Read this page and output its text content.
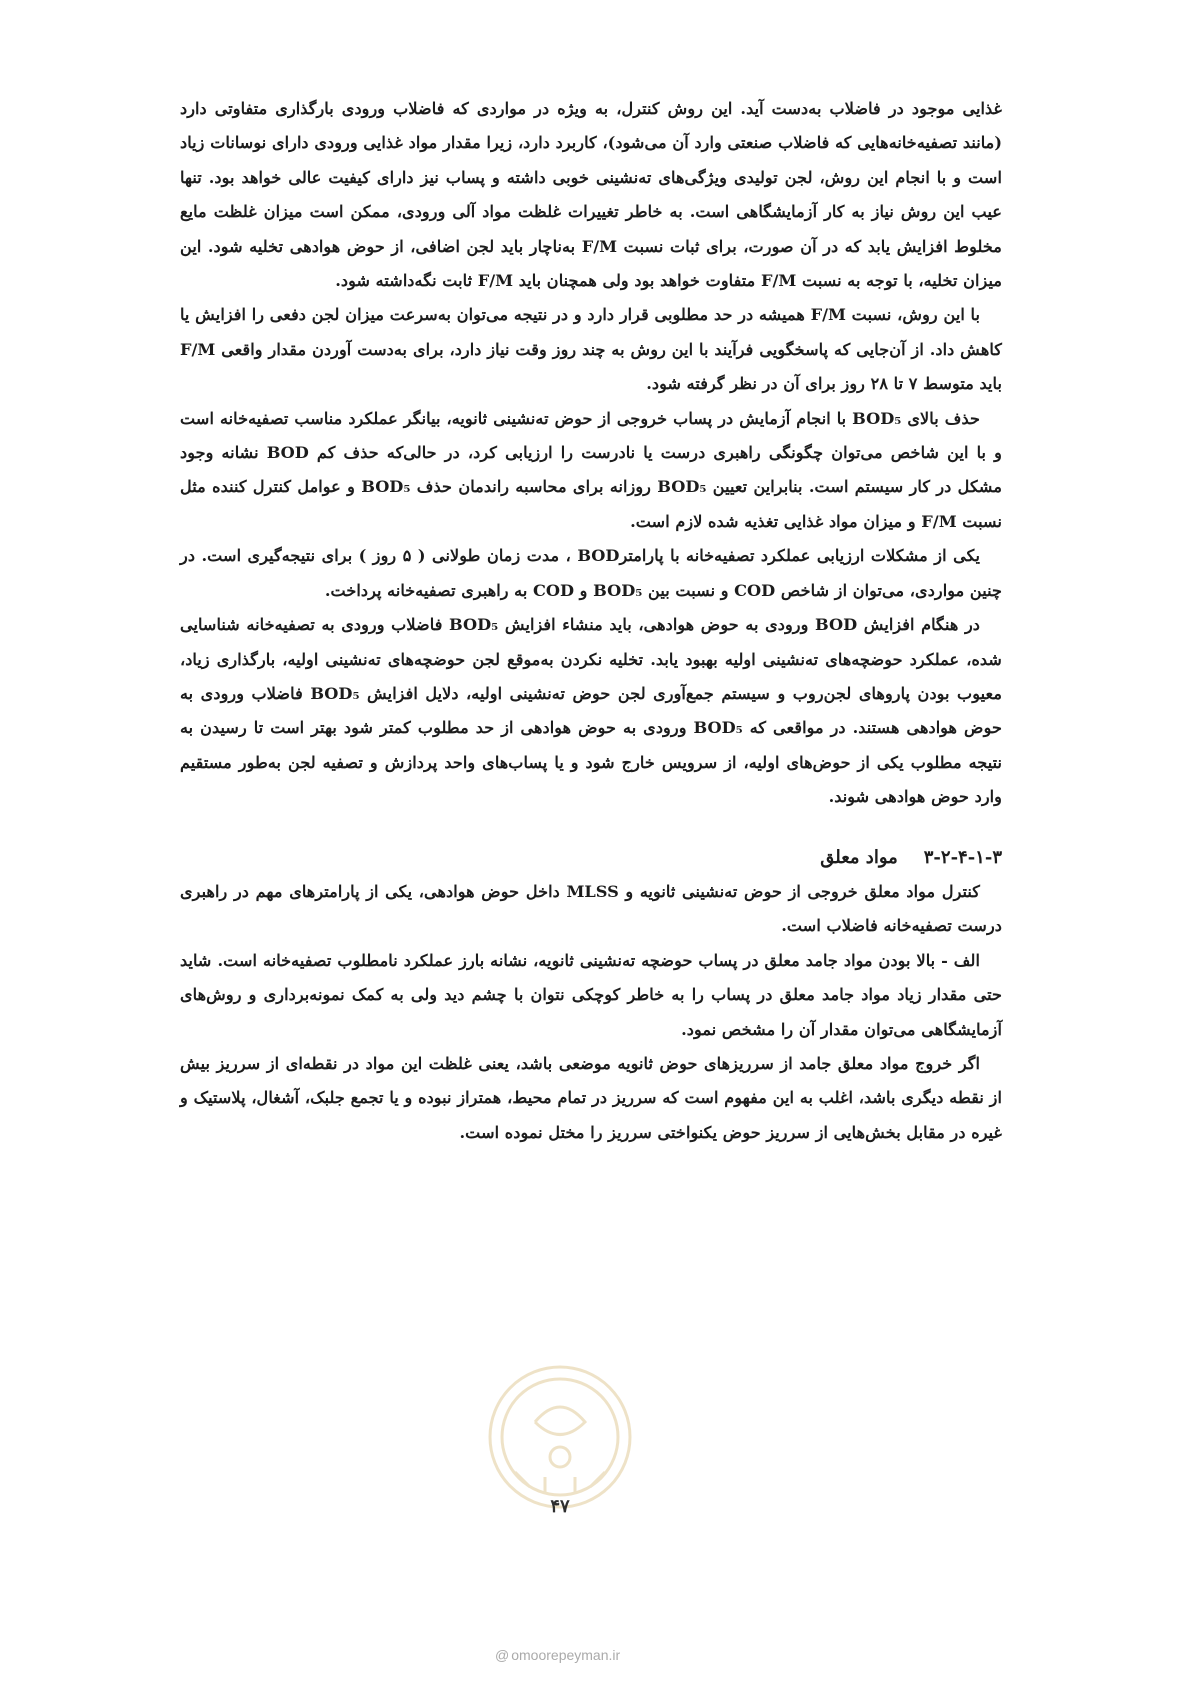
غذایی موجود در فاضلاب به‌دست آید. این روش کنترل، به ویژه در مواردی که فاضلاب ورودی بارگذاری متفاوتی دارد (مانند تصفیه‌خانه‌هایی که فاضلاب صنعتی وارد آن می‌شود)، کاربرد دارد، زیرا مقدار مواد غذایی ورودی دارای نوسانات زیاد است و با انجام این روش، لجن تولیدی ویژگی‌های ته‌نشینی خوبی داشته و پساب نیز دارای کیفیت عالی خواهد بود. تنها عیب این روش نیاز به کار آزمایشگاهی است. به خاطر تغییرات غلظت مواد آلی ورودی، ممکن است میزان غلظت مایع مخلوط افزایش یابد که در آن صورت، برای ثبات نسبت F/M به‌ناچار باید لجن اضافی، از حوض هوادهی تخلیه شود. این میزان تخلیه، با توجه به نسبت F/M متفاوت خواهد بود ولی همچنان باید F/M ثابت نگه‌داشته شود.

با این روش، نسبت F/M همیشه در حد مطلوبی قرار دارد و در نتیجه می‌توان به‌سرعت میزان لجن دفعی را افزایش یا کاهش داد. از آن‌جایی که پاسخگویی فرآیند با این روش به چند روز وقت نیاز دارد، برای به‌دست آوردن مقدار واقعی F/M باید متوسط ۷ تا ۲۸ روز برای آن در نظر گرفته شود.

حذف بالای BOD₅ با انجام آزمایش در پساب خروجی از حوض ته‌نشینی ثانویه، بیانگر عملکرد مناسب تصفیه‌خانه است و با این شاخص می‌توان چگونگی راهبری درست یا نادرست را ارزیابی کرد، در حالی‌که حذف کم BOD نشانه وجود مشکل در کار سیستم است. بنابراین تعیین BOD₅ روزانه برای محاسبه راندمان حذف BOD₅ و عوامل کنترل کننده مثل نسبت F/M و میزان مواد غذایی تغذیه شده لازم است.

یکی از مشکلات ارزیابی عملکرد تصفیه‌خانه با پارامترBOD ، مدت زمان طولانی ( ۵ روز ) برای نتیجه‌گیری است. در چنین مواردی، می‌توان از شاخص COD و نسبت بین BOD₅ و COD به راهبری تصفیه‌خانه پرداخت.

در هنگام افزایش BOD ورودی به حوض هوادهی، باید منشاء افزایش BOD₅ فاضلاب ورودی به تصفیه‌خانه شناسایی شده، عملکرد حوضچه‌های ته‌نشینی اولیه بهبود یابد. تخلیه نکردن به‌موقع لجن حوضچه‌های ته‌نشینی اولیه، بارگذاری زیاد، معیوب بودن پاروهای لجن‌روب و سیستم جمع‌آوری لجن حوض ته‌نشینی اولیه، دلایل افزایش BOD₅ فاضلاب ورودی به حوض هوادهی هستند. در مواقعی که BOD₅ ورودی به حوض هوادهی از حد مطلوب کمتر شود بهتر است تا رسیدن به نتیجه مطلوب یکی از حوض‌های اولیه، از سرویس خارج شود و یا پساب‌های واحد پردازش و تصفیه لجن به‌طور مستقیم وارد حوض هوادهی شوند.

۳-۲-۴-۱-۳
مواد معلق

کنترل مواد معلق خروجی از حوض ته‌نشینی ثانویه و MLSS داخل حوض هوادهی، یکی از پارامترهای مهم در راهبری درست تصفیه‌خانه فاضلاب است.

الف - بالا بودن مواد جامد معلق در پساب حوضچه ته‌نشینی ثانویه، نشانه بارز عملکرد نامطلوب تصفیه‌خانه است. شاید حتی مقدار زیاد مواد جامد معلق در پساب را به خاطر کوچکی نتوان با چشم دید ولی به کمک نمونه‌برداری و روش‌های آزمایشگاهی می‌توان مقدار آن را مشخص نمود.

اگر خروج مواد معلق جامد از سرریزهای حوض ثانویه موضعی باشد، یعنی غلظت این مواد در نقطه‌ای از سرریز بیش از نقطه دیگری باشد، اغلب به این مفهوم است که سرریز در تمام محیط، همتراز نبوده و یا تجمع جلبک، آشغال، پلاستیک و غیره در مقابل بخش‌هایی از سرریز حوض یکنواختی سرریز را مختل نموده است.

۴۷
@ omoorepeyman.ir
